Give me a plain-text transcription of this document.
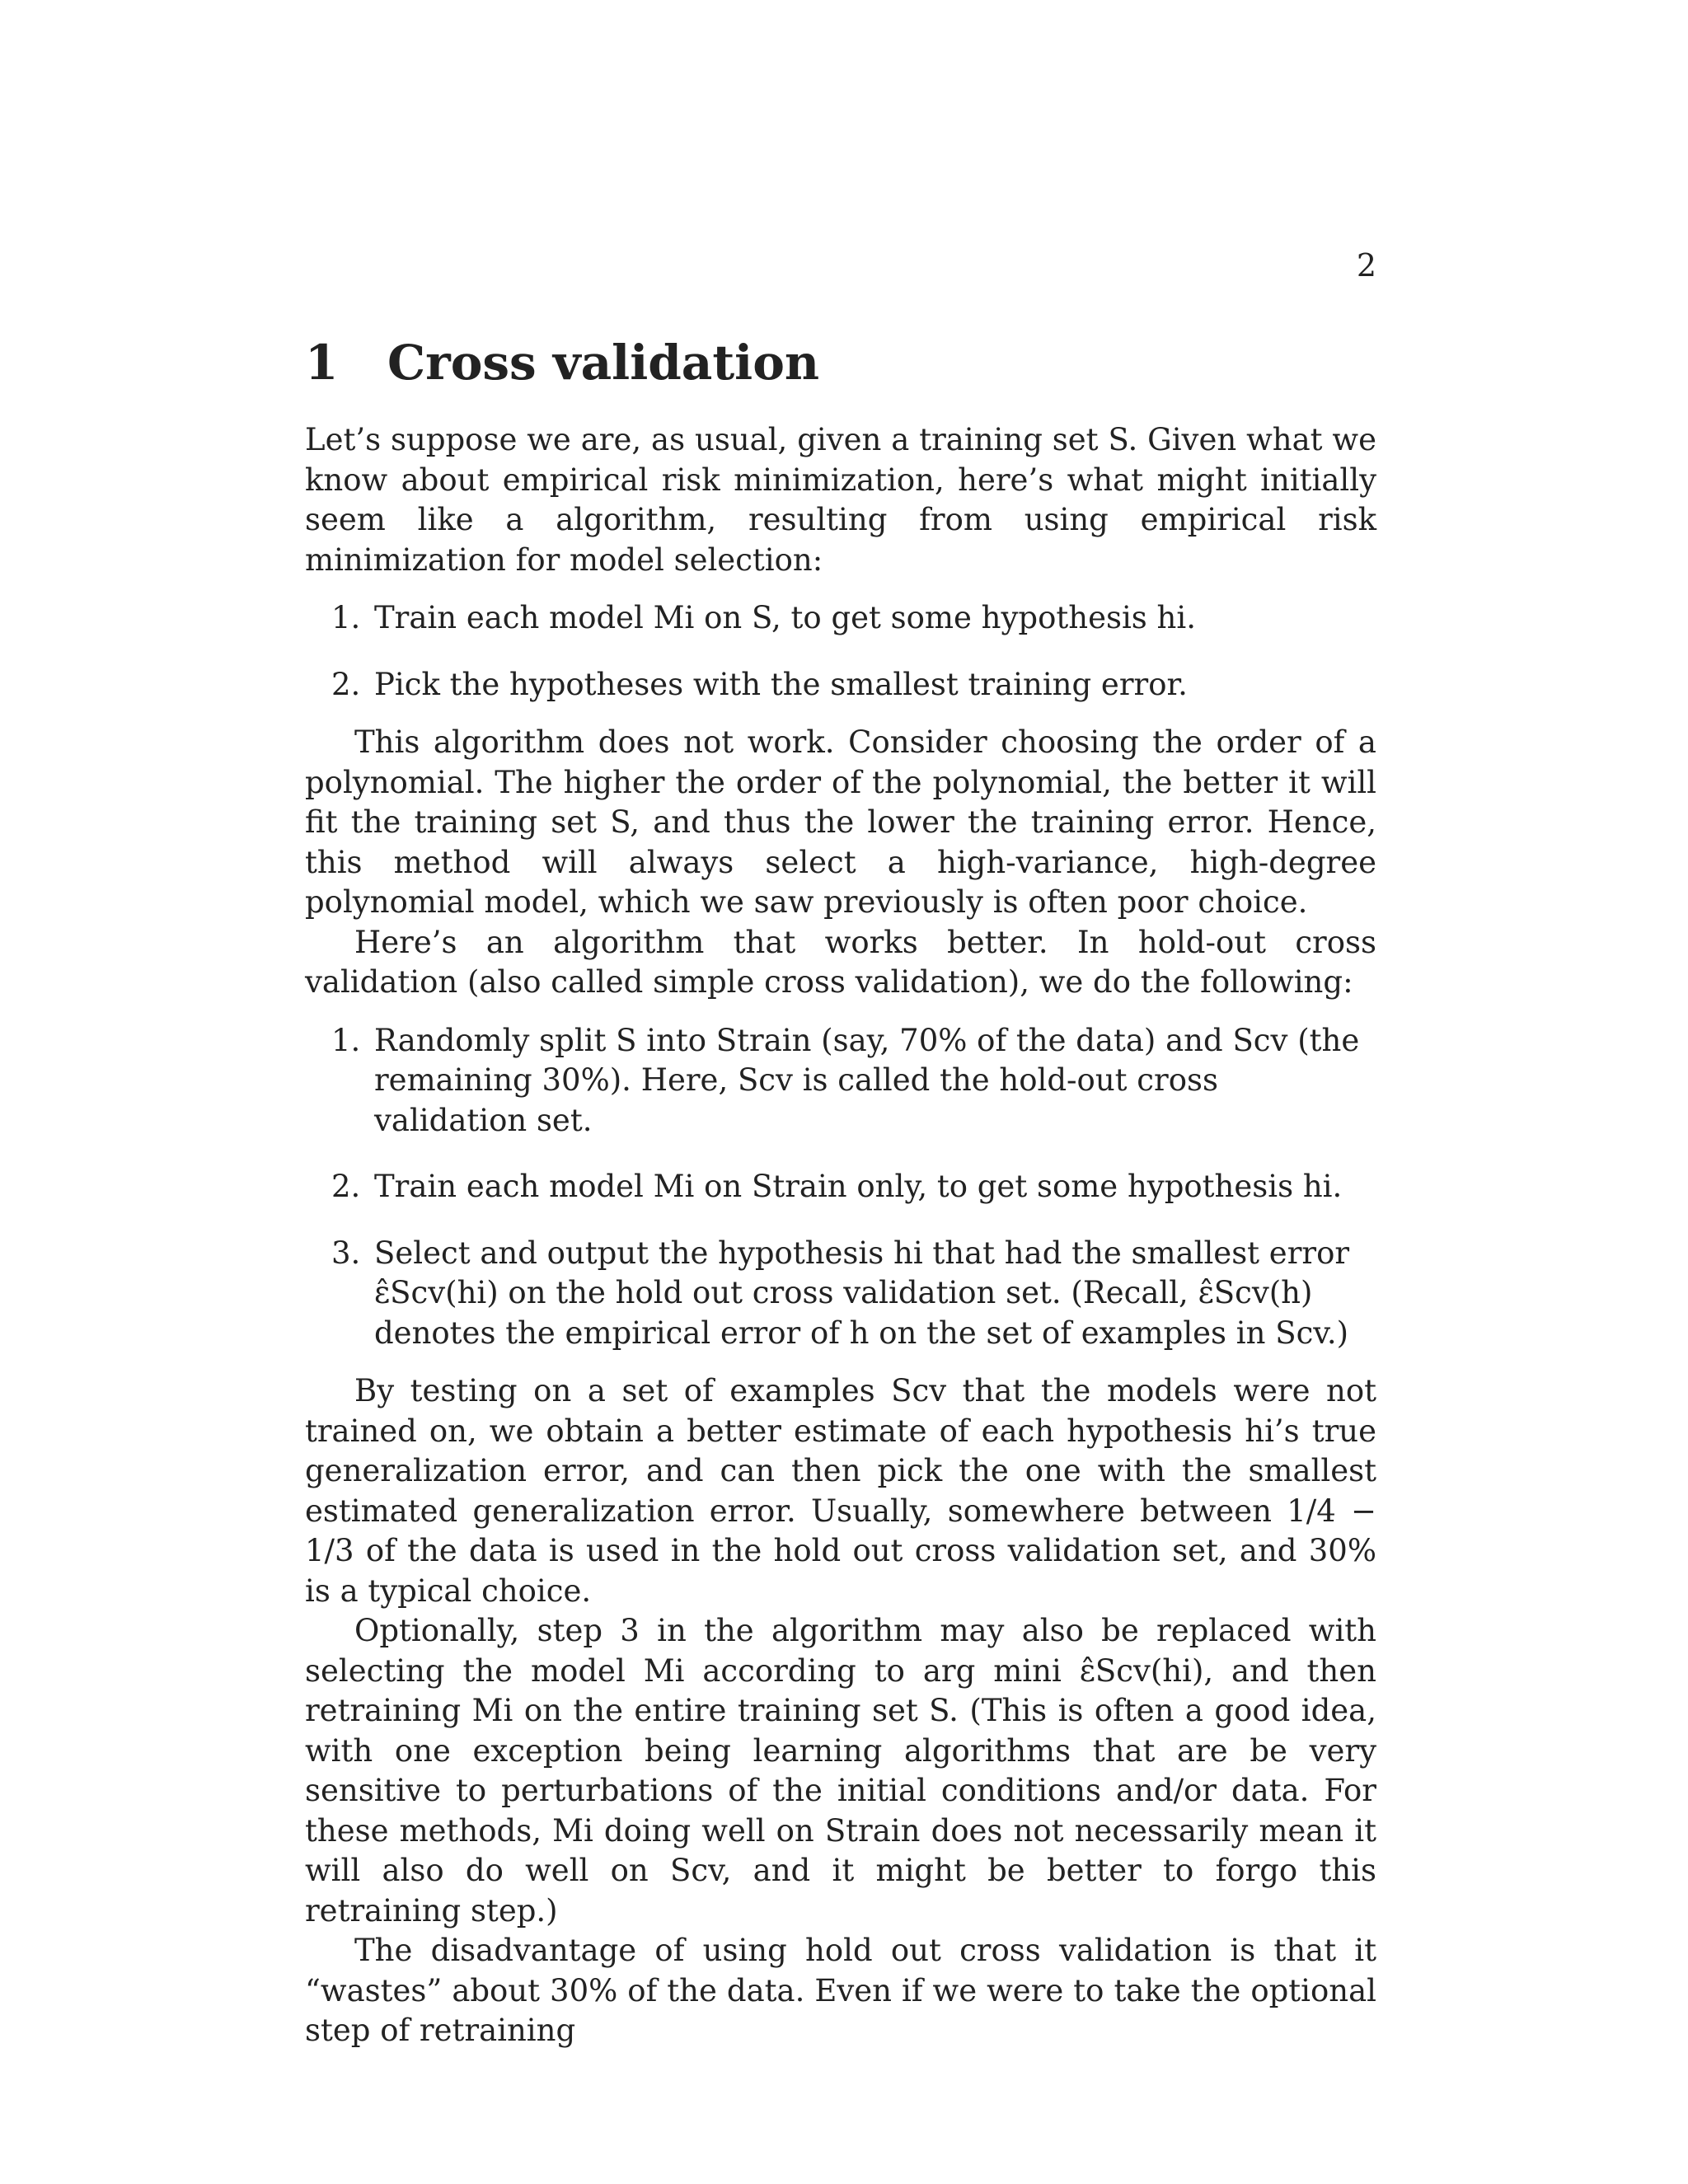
2
1 Cross validation

Let’s suppose we are, as usual, given a training set S. Given what we know about empirical risk minimization, here’s what might initially seem like a algorithm, resulting from using empirical risk minimization for model selection:

1. Train each model Mi on S, to get some hypothesis hi.
2. Pick the hypotheses with the smallest training error.

This algorithm does not work. Consider choosing the order of a polynomial. The higher the order of the polynomial, the better it will fit the training set S, and thus the lower the training error. Hence, this method will always select a high-variance, high-degree polynomial model, which we saw previously is often poor choice.

Here’s an algorithm that works better. In hold-out cross validation (also called simple cross validation), we do the following:

1. Randomly split S into Strain (say, 70% of the data) and Scv (the remaining 30%). Here, Scv is called the hold-out cross validation set.
2. Train each model Mi on Strain only, to get some hypothesis hi.
3. Select and output the hypothesis hi that had the smallest error ε̂Scv(hi) on the hold out cross validation set. (Recall, ε̂Scv(h) denotes the empirical error of h on the set of examples in Scv.)

By testing on a set of examples Scv that the models were not trained on, we obtain a better estimate of each hypothesis hi’s true generalization error, and can then pick the one with the smallest estimated generalization error. Usually, somewhere between 1/4 − 1/3 of the data is used in the hold out cross validation set, and 30% is a typical choice.

Optionally, step 3 in the algorithm may also be replaced with selecting the model Mi according to arg mini ε̂Scv(hi), and then retraining Mi on the entire training set S. (This is often a good idea, with one exception being learning algorithms that are be very sensitive to perturbations of the initial conditions and/or data. For these methods, Mi doing well on Strain does not necessarily mean it will also do well on Scv, and it might be better to forgo this retraining step.)

The disadvantage of using hold out cross validation is that it “wastes” about 30% of the data. Even if we were to take the optional step of retraining
